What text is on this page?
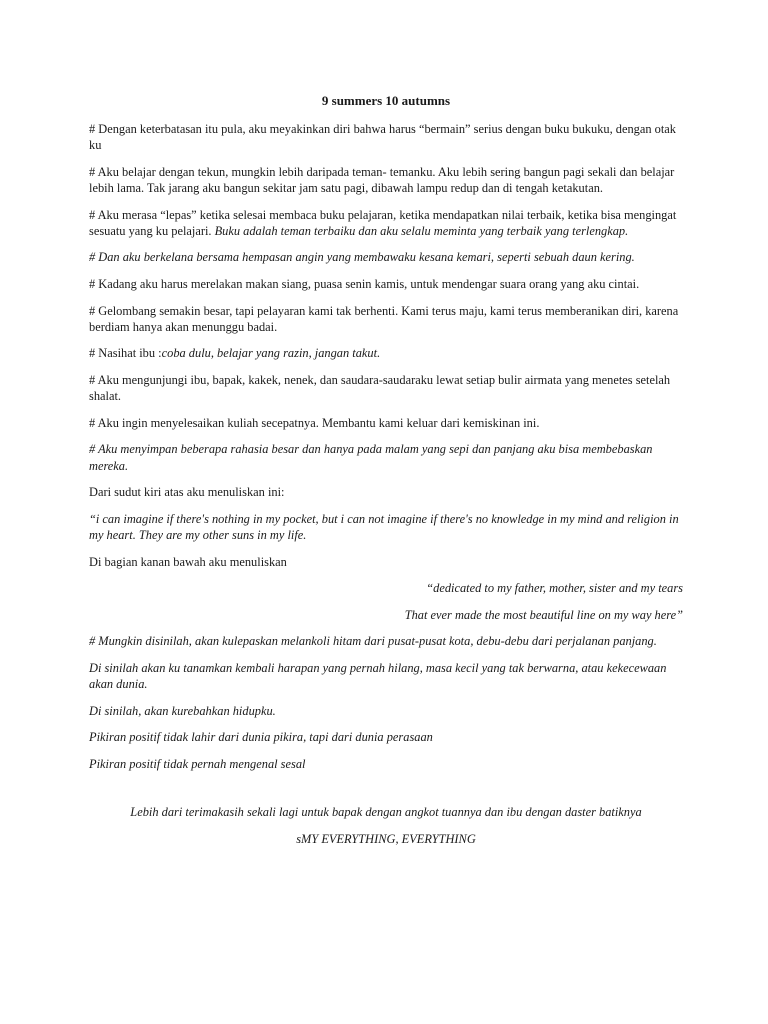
9 summers 10 autumns

# Dengan keterbatasan itu pula, aku meyakinkan diri bahwa harus “bermain” serius dengan buku bukuku, dengan otak ku

# Aku belajar dengan tekun, mungkin lebih daripada teman- temanku. Aku lebih sering bangun pagi sekali dan belajar lebih lama. Tak jarang aku bangun sekitar jam satu pagi, dibawah lampu redup dan di tengah ketakutan.

# Aku merasa “lepas” ketika selesai membaca buku pelajaran, ketika mendapatkan nilai terbaik, ketika bisa mengingat sesuatu yang ku pelajari. Buku adalah teman terbaiku dan aku selalu meminta yang terbaik yang terlengkap.

# Dan aku berkelana bersama hempasan angin yang membawaku kesana kemari, seperti sebuah daun kering.

# Kadang aku harus merelakan makan siang, puasa senin kamis, untuk mendengar suara orang yang aku cintai.

# Gelombang semakin besar, tapi pelayaran kami tak berhenti. Kami terus maju, kami terus memberanikan diri, karena berdiam hanya akan menunggu badai.

# Nasihat ibu :coba dulu, belajar yang razin, jangan takut.

# Aku mengunjungi ibu, bapak, kakek, nenek, dan saudara-saudaraku lewat setiap bulir airmata yang menetes setelah shalat.

# Aku ingin menyelesaikan kuliah secepatnya. Membantu kami keluar dari kemiskinan ini.

# Aku menyimpan beberapa rahasia besar dan hanya pada malam yang sepi dan panjang aku bisa membebaskan mereka.

Dari sudut kiri atas aku menuliskan ini:

“i can imagine if there's nothing in my pocket, but i can not imagine if there's no knowledge in my mind and religion in my heart. They are my other suns in my life.

Di bagian kanan bawah aku menuliskan

“dedicated to my father, mother, sister and my tears

That ever made the most beautiful line on my way here”

# Mungkin disinilah, akan kulepaskan melankoli hitam dari pusat-pusat kota, debu-debu dari perjalanan panjang.

Di sinilah akan ku tanamkan kembali harapan yang pernah hilang, masa kecil yang tak berwarna, atau kekecewaan akan dunia.

Di sinilah, akan kurebahkan hidupku.

Pikiran positif tidak lahir dari dunia pikira, tapi dari dunia perasaan

Pikiran positif tidak pernah mengenal sesal

Lebih dari terimakasih sekali lagi untuk bapak dengan angkot tuannya dan ibu dengan daster batiknya

sMY EVERYTHING, EVERYTHING
